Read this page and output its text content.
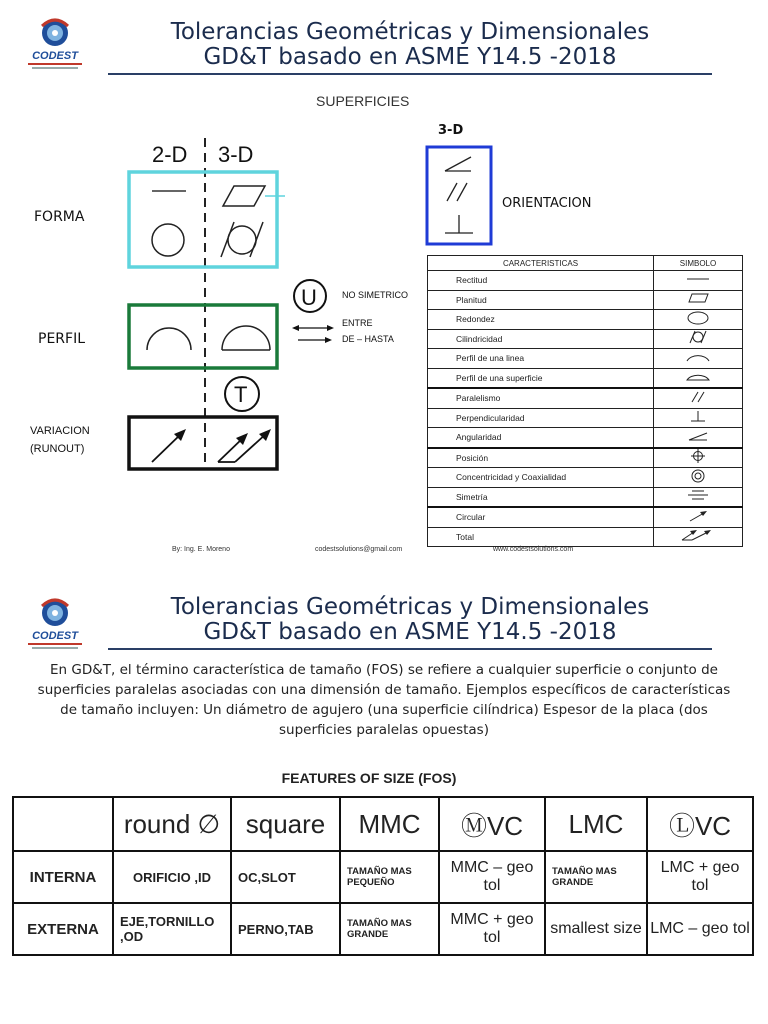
CODEST
Tolerancias Geométricas y Dimensionales
GD&T basado en ASME Y14.5 -2018
SUPERFICIES
2-D 3-D
T
FORMA
PERFIL
VARIACION
(RUNOUT)
U	NO SIMETRICO
ENTRE
DE – HASTA
3-D
ORIENTACION
CARACTERISTICAS	SIMBOLO
Rectitud	
Planitud	
Redondez	
Cilindricidad	
Perfil de una linea	
Perfil de una superficie	
Paralelismo	
Perpendicularidad	
Angularidad	
Posición	
Concentricidad y Coaxialidad	
Simetría	
Circular	
Total	
By: Ing. E. Moreno	codestsolutions@gmail.com	www.codestsolutions.com
CODEST
Tolerancias Geométricas y Dimensionales
GD&T basado en ASME Y14.5 -2018
En GD&T, el término característica de tamaño (FOS) se refiere a cualquier superficie o conjunto de superficies paralelas asociadas con una dimensión de tamaño. Ejemplos específicos de características de tamaño incluyen: Un diámetro de agujero (una superficie cilíndrica) Espesor de la placa (dos superficies paralelas opuestas)
FEATURES OF SIZE (FOS)
	round ∅	square	MMC	ⓂVC	LMC	ⓁVC
INTERNA	ORIFICIO ,ID	OC,SLOT	TAMAÑO MAS PEQUEÑO	MMC – geo tol	TAMAÑO MAS GRANDE	LMC + geo tol
EXTERNA	EJE,TORNILLO ,OD	PERNO,TAB	TAMAÑO MAS GRANDE	MMC + geo tol	smallest size	LMC – geo tol
